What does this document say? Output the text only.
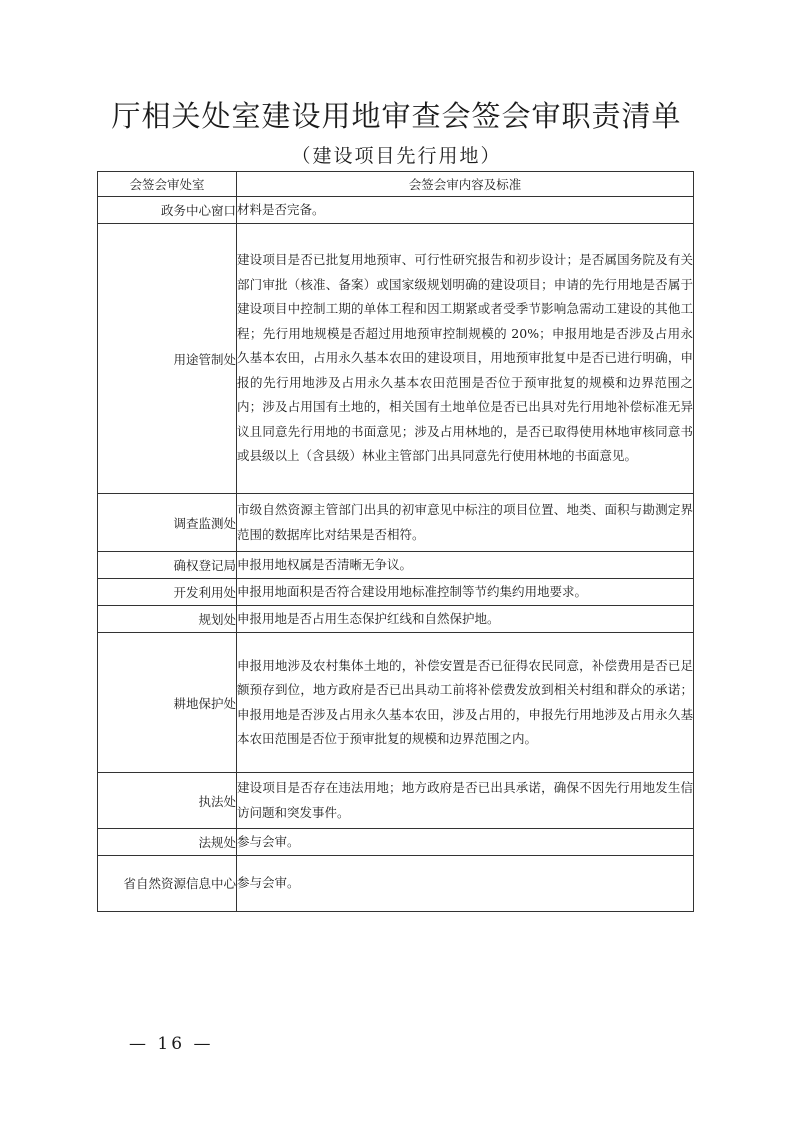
厅相关处室建设用地审查会签会审职责清单
（建设项目先行用地）
会签会审处室	会签会审内容及标准
政务中心窗口	材料是否完备。
用途管制处	建设项目是否已批复用地预审、可行性研究报告和初步设计；是否属国务院及有关部门审批（核准、备案）或国家级规划明确的建设项目；申请的先行用地是否属于建设项目中控制工期的单体工程和因工期紧或者受季节影响急需动工建设的其他工程；先行用地规模是否超过用地预审控制规模的 20%；申报用地是否涉及占用永久基本农田，占用永久基本农田的建设项目，用地预审批复中是否已进行明确，申报的先行用地涉及占用永久基本农田范围是否位于预审批复的规模和边界范围之内；涉及占用国有土地的，相关国有土地单位是否已出具对先行用地补偿标准无异议且同意先行用地的书面意见；涉及占用林地的，是否已取得使用林地审核同意书或县级以上（含县级）林业主管部门出具同意先行使用林地的书面意见。
调查监测处	市级自然资源主管部门出具的初审意见中标注的项目位置、地类、面积与勘测定界范围的数据库比对结果是否相符。
确权登记局	申报用地权属是否清晰无争议。
开发利用处	申报用地面积是否符合建设用地标准控制等节约集约用地要求。
规划处	申报用地是否占用生态保护红线和自然保护地。
耕地保护处	申报用地涉及农村集体土地的，补偿安置是否已征得农民同意，补偿费用是否已足额预存到位，地方政府是否已出具动工前将补偿费发放到相关村组和群众的承诺；申报用地是否涉及占用永久基本农田，涉及占用的，申报先行用地涉及占用永久基本农田范围是否位于预审批复的规模和边界范围之内。
执法处	建设项目是否存在违法用地；地方政府是否已出具承诺，确保不因先行用地发生信访问题和突发事件。
法规处	参与会审。
省自然资源信息中心	参与会审。
— 16 —
